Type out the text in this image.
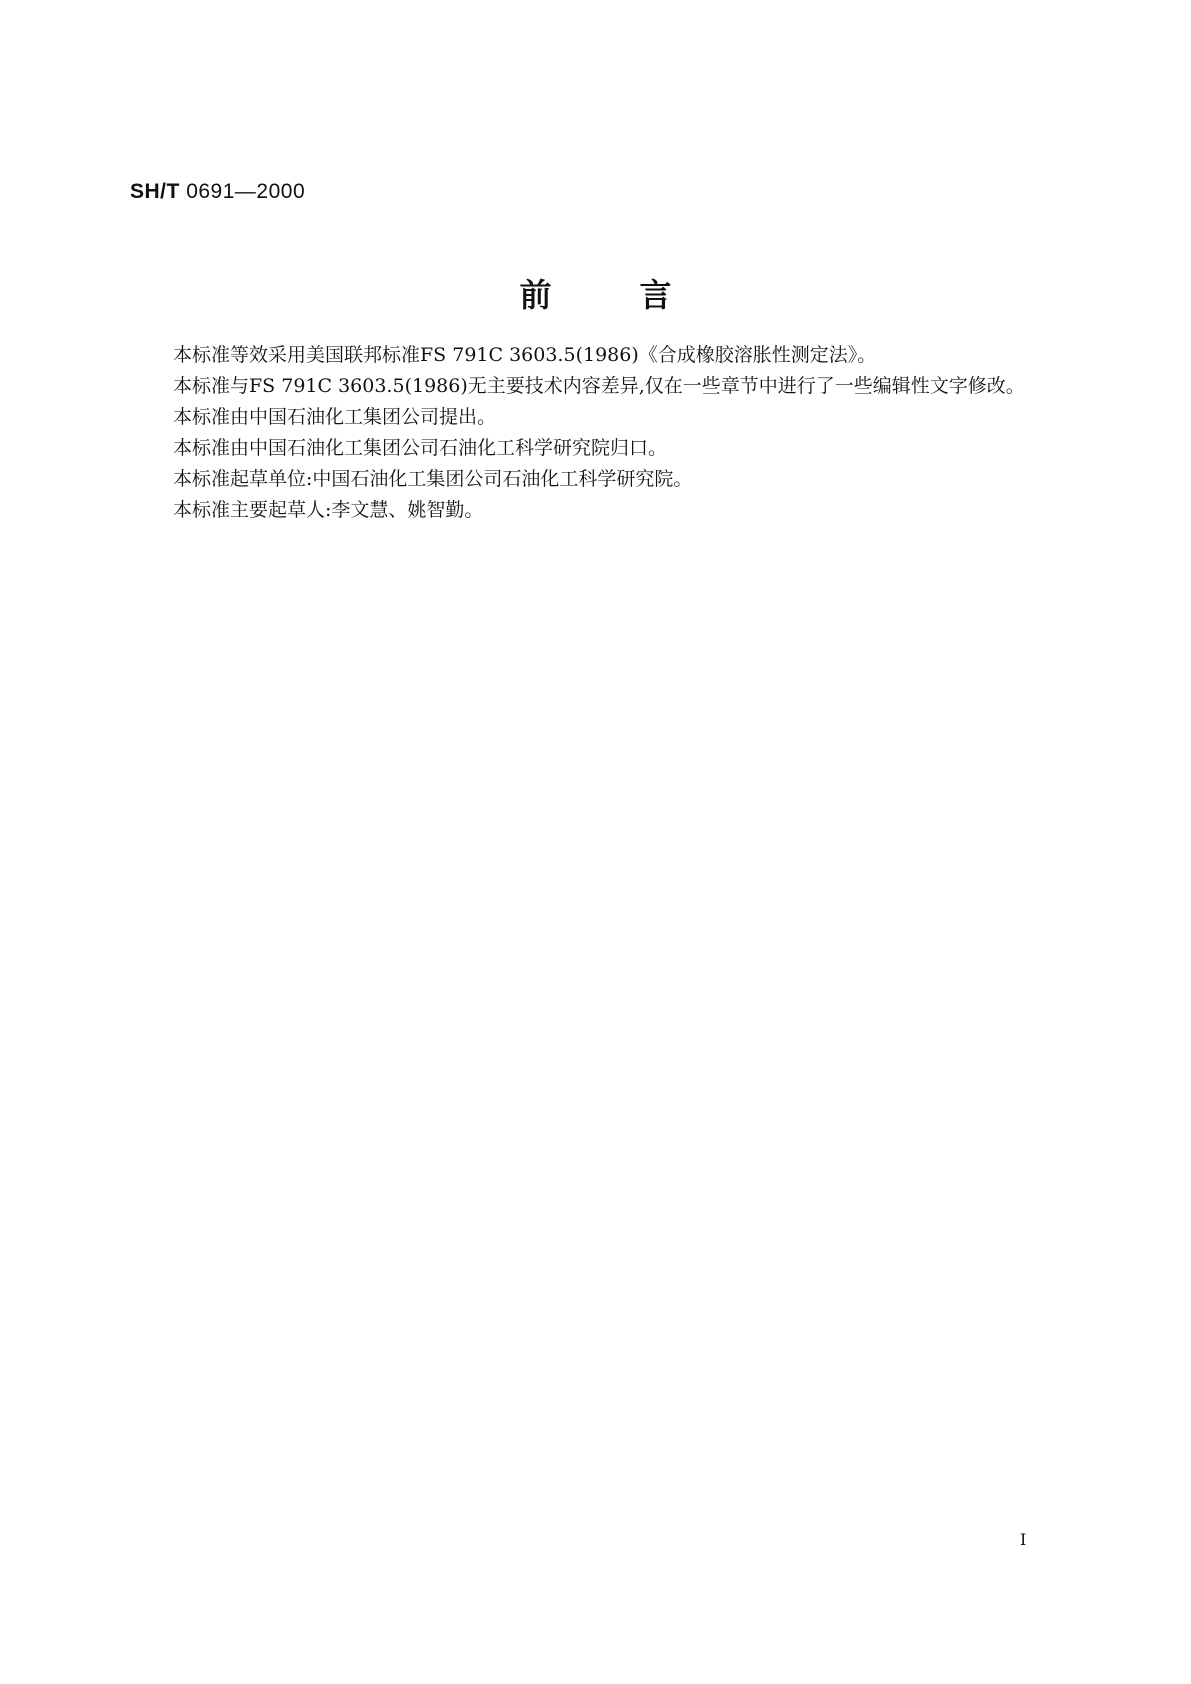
SH/T 0691—2000
前言

本标准等效采用美国联邦标准FS 791C 3603.5(1986)《合成橡胶溶胀性测定法》。

本标准与FS 791C 3603.5(1986)无主要技术内容差异,仅在一些章节中进行了一些编辑性文字修改。

本标准由中国石油化工集团公司提出。

本标准由中国石油化工集团公司石油化工科学研究院归口。

本标准起草单位:中国石油化工集团公司石油化工科学研究院。

本标准主要起草人:李文慧、姚智勤。

I
